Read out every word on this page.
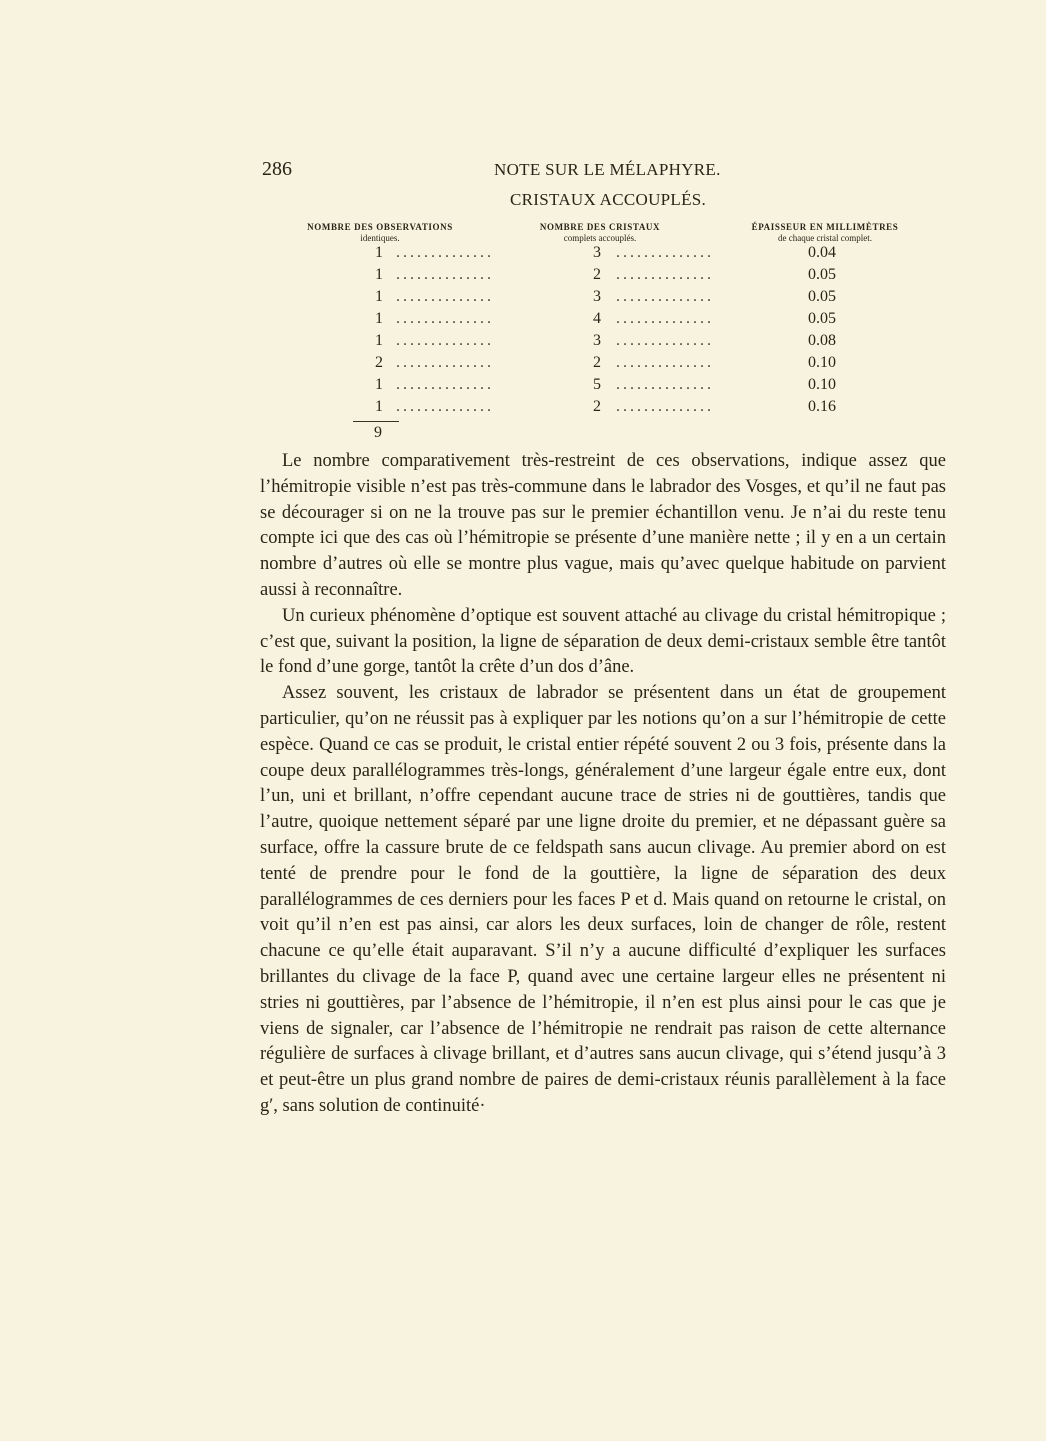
286	NOTE SUR LE MÉLAPHYRE.
CRISTAUX ACCOUPLÉS.
NOMBRE DES OBSERVATIONS
identiques.
NOMBRE DES CRISTAUX
complets accouplés.
ÉPAISSEUR EN MILLIMÈTRES
de chaque cristal complet.
1 ..............	3 ..............	0.04
1 ..............	2 ..............	0.05
1 ..............	3 ..............	0.05
1 ..............	4 ..............	0.05
1 ..............	3 ..............	0.08
2 ..............	2 ..............	0.10
1 ..............	5 ..............	0.10
1 ..............	2 ..............	0.16
9

Le nombre comparativement très-restreint de ces observations, indique assez que l’hémitropie visible n’est pas très-commune dans le labrador des Vosges, et qu’il ne faut pas se décourager si on ne la trouve pas sur le premier échantillon venu. Je n’ai du reste tenu compte ici que des cas où l’hémitropie se présente d’une manière nette ; il y en a un certain nombre d’autres où elle se montre plus vague, mais qu’avec quelque habitude on parvient aussi à reconnaître.

Un curieux phénomène d’optique est souvent attaché au clivage du cristal hémitropique ; c’est que, suivant la position, la ligne de séparation de deux demi-cristaux semble être tantôt le fond d’une gorge, tantôt la crête d’un dos d’âne.

Assez souvent, les cristaux de labrador se présentent dans un état de groupement particulier, qu’on ne réussit pas à expliquer par les notions qu’on a sur l’hémitropie de cette espèce. Quand ce cas se produit, le cristal entier répété souvent 2 ou 3 fois, présente dans la coupe deux parallélogrammes très-longs, généralement d’une largeur égale entre eux, dont l’un, uni et brillant, n’offre cependant aucune trace de stries ni de gouttières, tandis que l’autre, quoique nettement séparé par une ligne droite du premier, et ne dépassant guère sa surface, offre la cassure brute de ce feldspath sans aucun clivage. Au premier abord on est tenté de prendre pour le fond de la gouttière, la ligne de séparation des deux parallélogrammes de ces derniers pour les faces P et d. Mais quand on retourne le cristal, on voit qu’il n’en est pas ainsi, car alors les deux surfaces, loin de changer de rôle, restent chacune ce qu’elle était auparavant. S’il n’y a aucune difficulté d’expliquer les surfaces brillantes du clivage de la face P, quand avec une certaine largeur elles ne présentent ni stries ni gouttières, par l’absence de l’hémitropie, il n’en est plus ainsi pour le cas que je viens de signaler, car l’absence de l’hémitropie ne rendrait pas raison de cette alternance régulière de surfaces à clivage brillant, et d’autres sans aucun clivage, qui s’étend jusqu’à 3 et peut-être un plus grand nombre de paires de demi-cristaux réunis parallèlement à la face g′, sans solution de continuité·
